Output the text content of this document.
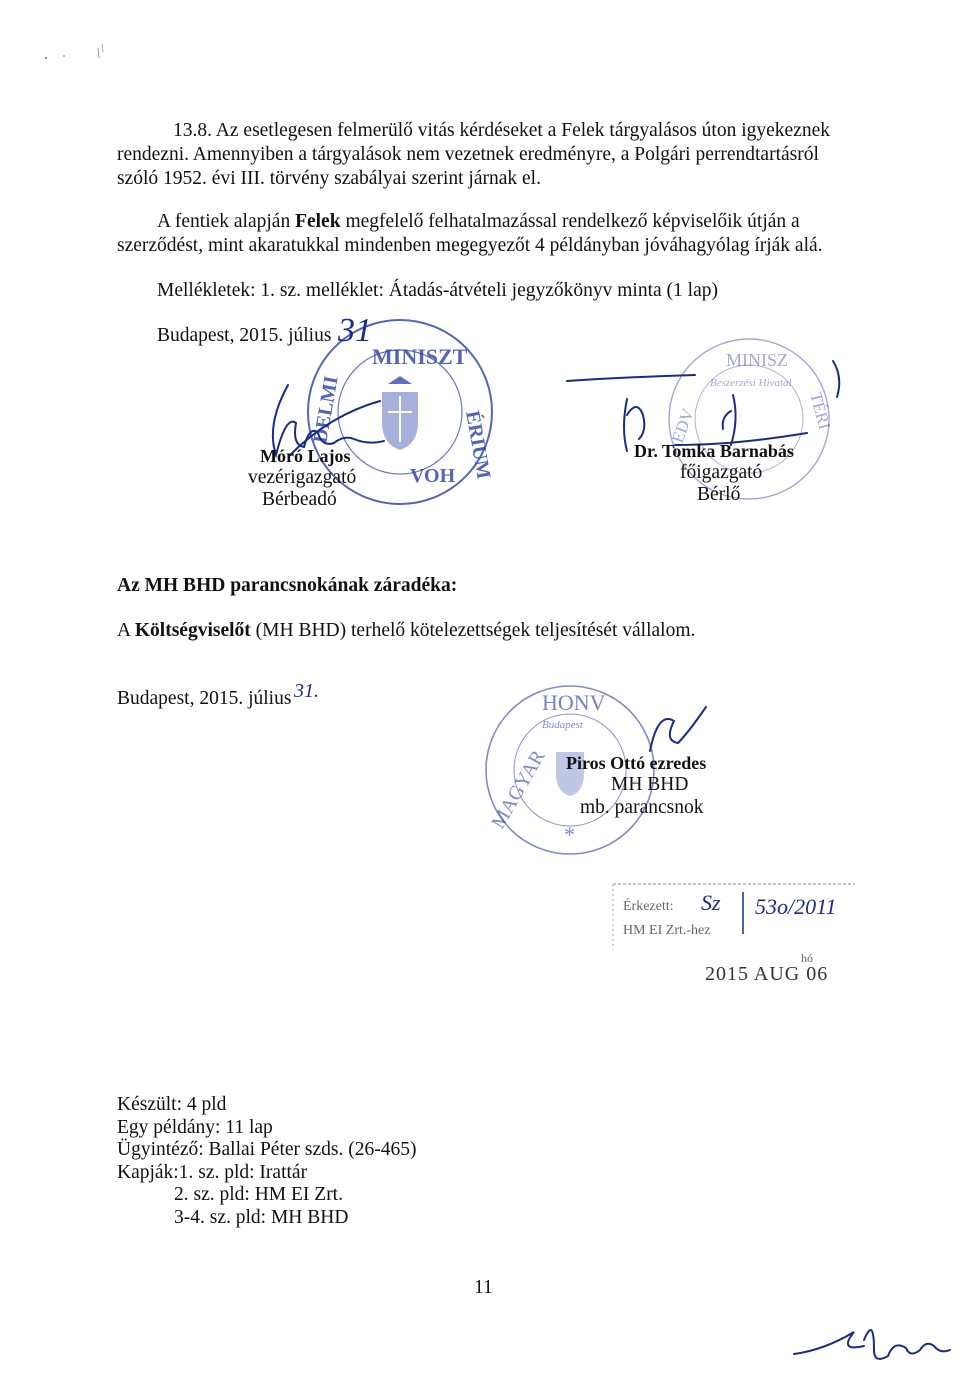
13.8. Az esetlegesen felmerülő vitás kérdéseket a Felek tárgyalásos úton igyekeznek
rendezni. Amennyiben a tárgyalások nem vezetnek eredményre, a Polgári perrendtartásról
szóló 1952. évi III. törvény szabályai szerint járnak el.
A fentiek alapján Felek megfelelő felhatalmazással rendelkező képviselőik útján a
szerződést, mint akaratukkal mindenben megegyezőt 4 példányban jóváhagyólag írják alá.
Mellékletek: 1. sz. melléklet: Átadás-átvételi jegyzőkönyv minta (1 lap)
Budapest, 2015. július
MINISZT
ÉRIUM
DELMI
VOH
Móró Lajos
vezérigazgató
Bérbeadó
31
MINISZ
Beszerzési Hivatal
EDV	TÉRI
Dr. Tomka Barnabás
főigazgató
Bérlő
Az MH BHD parancsnokának záradéka:
A Költségviselőt (MH BHD) terhelő kötelezettségek teljesítését vállalom.
Budapest, 2015. július 31.	HONV
Budapest
MAGYAR
*
Piros Ottó ezredes
MH BHD
mb. parancsnok
Érkezett:
HM EI Zrt.-hez
Sz 53o/2011
hó
2015 AUG 06
Készült: 4 pld
Egy példány: 11 lap
Ügyintéző: Ballai Péter szds. (26-465)
Kapják:1. sz. pld: Irattár
2. sz. pld: HM EI Zrt.
3-4. sz. pld: MH BHD
11
